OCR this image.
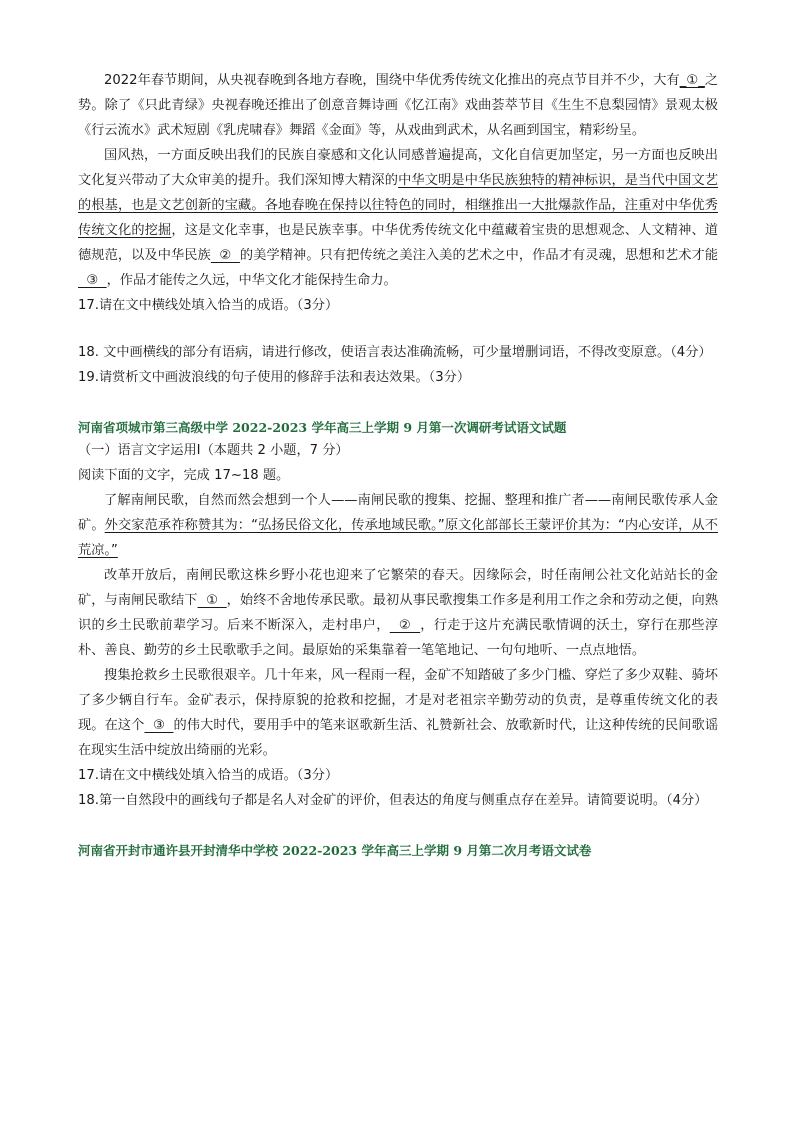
2022年春节期间，从央视春晚到各地方春晚，围绕中华优秀传统文化推出的亮点节目并不少，大有_①_之势。除了《只此青绿》央视春晚还推出了创意音舞诗画《忆江南》戏曲荟萃节目《生生不息梨园情》景观太极《行云流水》武术短剧《乳虎啸春》舞蹈《金面》等，从戏曲到武术，从名画到国宝，精彩纷呈。

国风热，一方面反映出我们的民族自豪感和文化认同感普遍提高，文化自信更加坚定，另一方面也反映出文化复兴带动了大众审美的提升。我们深知博大精深的中华文明是中华民族独特的精神标识，是当代中国文艺的根基，也是文艺创新的宝藏。各地春晚在保持以往特色的同时，相继推出一大批爆款作品，注重对中华优秀传统文化的挖掘，这是文化幸事，也是民族幸事。中华优秀传统文化中蕴藏着宝贵的思想观念、人文精神、道德规范，以及中华民族  ②  的美学精神。只有把传统之美注入美的艺术之中，作品才有灵魂，思想和艺术才能  ③  ，作品才能传之久远，中华文化才能保持生命力。

17.请在文中横线处填入恰当的成语。（3分）

18. 文中画横线的部分有语病，请进行修改，使语言表达准确流畅，可少量增删词语，不得改变原意。（4分）

19.请赏析文中画波浪线的句子使用的修辞手法和表达效果。（3分）

河南省项城市第三高级中学 2022-2023 学年高三上学期 9 月第一次调研考试语文试题

（一）语言文字运用Ⅰ（本题共 2 小题，7 分）

阅读下面的文字，完成 17~18 题。

了解南闸民歌，自然而然会想到一个人——南闸民歌的搜集、挖掘、整理和推广者——南闸民歌传承人金矿。外交家范承祚称赞其为：“弘扬民俗文化，传承地域民歌。”原文化部部长王蒙评价其为：“内心安详，从不荒凉。”

改革开放后，南闸民歌这株乡野小花也迎来了它繁荣的春天。因缘际会，时任南闸公社文化站站长的金矿，与南闸民歌结下  ①  ，始终不舍地传承民歌。最初从事民歌搜集工作多是利用工作之余和劳动之便，向熟识的乡土民歌前辈学习。后来不断深入，走村串户，  ②  ，行走于这片充满民歌情调的沃土，穿行在那些淳朴、善良、勤劳的乡土民歌歌手之间。最原始的采集靠着一笔笔地记、一句句地听、一点点地悟。

搜集抢救乡土民歌很艰辛。几十年来，风一程雨一程，金矿不知踏破了多少门槛、穿烂了多少双鞋、骑坏了多少辆自行车。金矿表示，保持原貌的抢救和挖掘，才是对老祖宗辛勤劳动的负责，是尊重传统文化的表现。在这个  ③  的伟大时代，要用手中的笔来讴歌新生活、礼赞新社会、放歌新时代，让这种传统的民间歌谣在现实生活中绽放出绮丽的光彩。

17.请在文中横线处填入恰当的成语。（3分）

18.第一自然段中的画线句子都是名人对金矿的评价，但表达的角度与侧重点存在差异。请简要说明。（4分）

河南省开封市通许县开封清华中学校 2022-2023 学年高三上学期 9 月第二次月考语文试卷
